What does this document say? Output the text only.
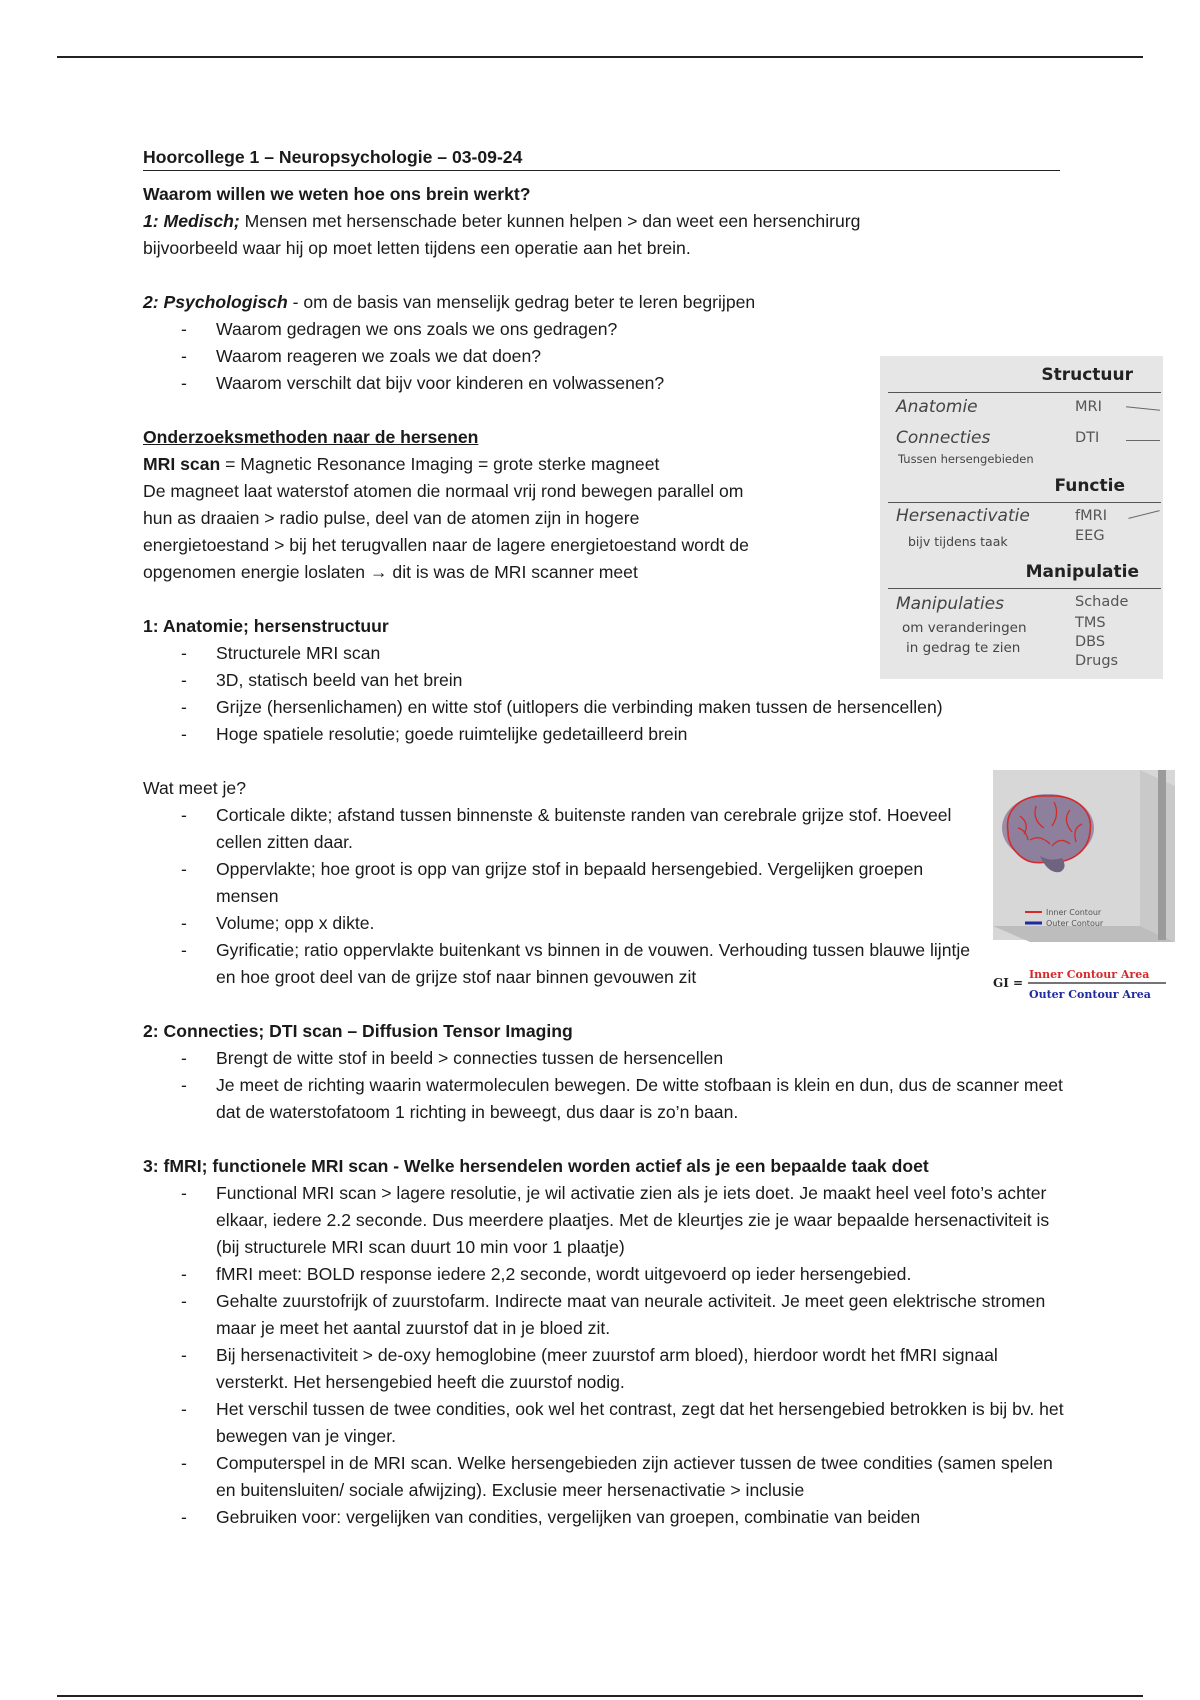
Hoorcollege 1 – Neuropsychologie – 03-09-24

Waarom willen we weten hoe ons brein werkt?

1: Medisch; Mensen met hersenschade beter kunnen helpen > dan weet een hersenchirurg

bijvoorbeeld waar hij op moet letten tijdens een operatie aan het brein.

2: Psychologisch - om de basis van menselijk gedrag beter te leren begrijpen

- Waarom gedragen we ons zoals we ons gedragen?
- Waarom reageren we zoals we dat doen?
- Waarom verschilt dat bijv voor kinderen en volwassenen?

Onderzoeksmethoden naar de hersenen

MRI scan = Magnetic Resonance Imaging = grote sterke magneet

De magneet laat waterstof atomen die normaal vrij rond bewegen parallel om

hun as draaien > radio pulse, deel van de atomen zijn in hogere

energietoestand > bij het terugvallen naar de lagere energietoestand wordt de

opgenomen energie loslaten → dit is was de MRI scanner meet

1: Anatomie; hersenstructuur

- Structurele MRI scan
- 3D, statisch beeld van het brein
- Grijze (hersenlichamen) en witte stof (uitlopers die verbinding maken tussen de hersencellen)
- Hoge spatiele resolutie; goede ruimtelijke gedetailleerd brein

Wat meet je?

- Corticale dikte; afstand tussen binnenste & buitenste randen van cerebrale grijze stof. Hoeveel cellen zitten daar.
- Oppervlakte; hoe groot is opp van grijze stof in bepaald hersengebied. Vergelijken groepen mensen
- Volume; opp x dikte.
- Gyrificatie; ratio oppervlakte buitenkant vs binnen in de vouwen. Verhouding tussen blauwe lijntje en hoe groot deel van de grijze stof naar binnen gevouwen zit

2: Connecties; DTI scan – Diffusion Tensor Imaging

- Brengt de witte stof in beeld > connecties tussen de hersencellen
- Je meet de richting waarin watermoleculen bewegen. De witte stofbaan is klein en dun, dus de scanner meet dat de waterstofatoom 1 richting in beweegt, dus daar is zo’n baan.

3: fMRI; functionele MRI scan - Welke hersendelen worden actief als je een bepaalde taak doet

- Functional MRI scan > lagere resolutie, je wil activatie zien als je iets doet. Je maakt heel veel foto’s achter elkaar, iedere 2.2 seconde. Dus meerdere plaatjes. Met de kleurtjes zie je waar bepaalde hersenactiviteit is (bij structurele MRI scan duurt 10 min voor 1 plaatje)
- fMRI meet: BOLD response iedere 2,2 seconde, wordt uitgevoerd op ieder hersengebied.
- Gehalte zuurstofrijk of zuurstofarm. Indirecte maat van neurale activiteit. Je meet geen elektrische stromen maar je meet het aantal zuurstof dat in je bloed zit.
- Bij hersenactiviteit > de-oxy hemoglobine (meer zuurstof arm bloed), hierdoor wordt het fMRI signaal versterkt. Het hersengebied heeft die zuurstof nodig.
- Het verschil tussen de twee condities, ook wel het contrast, zegt dat het hersengebied betrokken is bij bv. het bewegen van je vinger.
- Computerspel in de MRI scan. Welke hersengebieden zijn actiever tussen de twee condities (samen spelen en buitensluiten/ sociale afwijzing). Exclusie meer hersenactivatie > inclusie
- Gebruiken voor: vergelijken van condities, vergelijken van groepen, combinatie van beiden
Structuur
Anatomie	MRI
Connecties	DTI
Tussen hersengebieden
Functie
Hersenactivatie	fMRI
bijv tijdens taak	EEG
Manipulatie
Manipulaties	Schade
om veranderingen	TMS
in gedrag te zien	DBS
Drugs
Inner Contour
Outer Contour
GI =
Inner Contour Area
Outer Contour Area
